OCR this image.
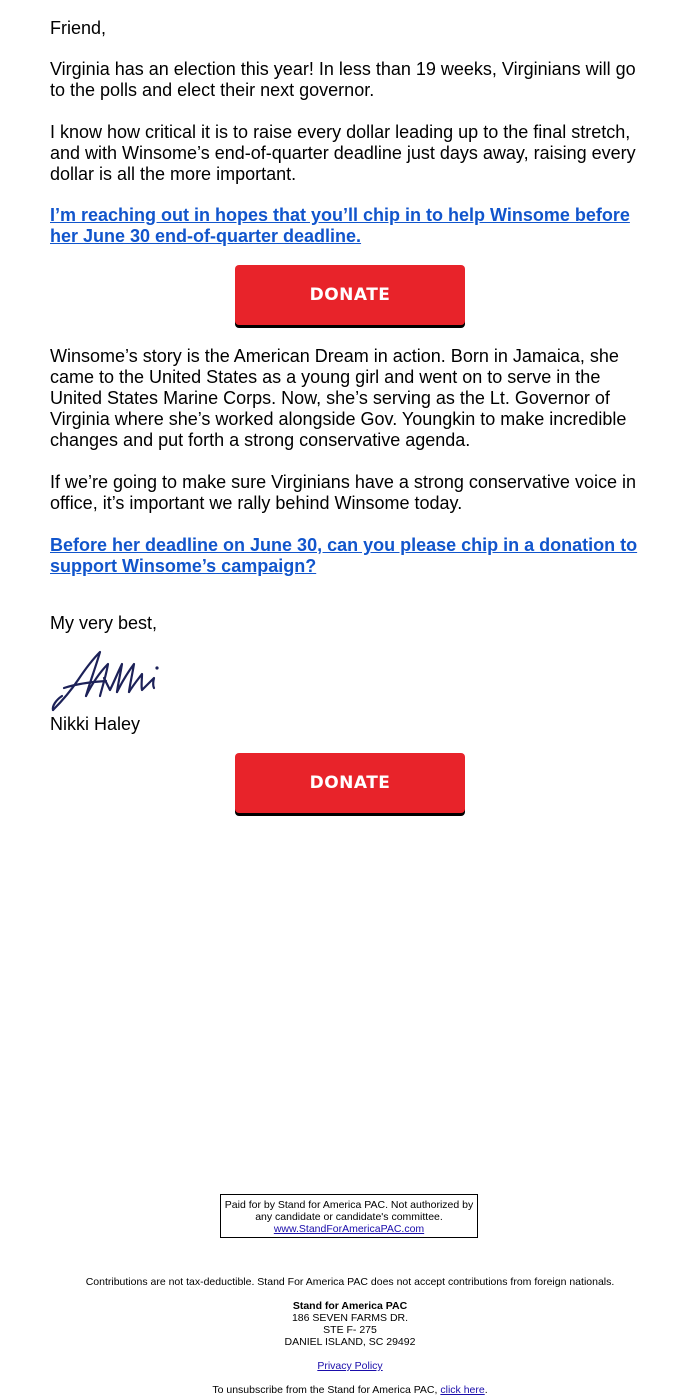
Friend,

Virginia has an election this year! In less than 19 weeks, Virginians will go to the polls and elect their next governor.

I know how critical it is to raise every dollar leading up to the final stretch, and with Winsome’s end-of-quarter deadline just days away, raising every dollar is all the more important.

I’m reaching out in hopes that you’ll chip in to help Winsome before her June 30 end-of-quarter deadline.

Winsome’s story is the American Dream in action. Born in Jamaica, she came to the United States as a young girl and went on to serve in the United States Marine Corps. Now, she’s serving as the Lt. Governor of Virginia where she’s worked alongside Gov. Youngkin to make incredible changes and put forth a strong conservative agenda.

If we’re going to make sure Virginians have a strong conservative voice in office, it’s important we rally behind Winsome today.

Before her deadline on June 30, can you please chip in a donation to support Winsome’s campaign?

My very best,

Nikki Haley

DONATE
DONATE
Paid for by Stand for America PAC. Not authorized by any candidate or candidate's committee.
www.StandForAmericaPAC.com
Contributions are not tax-deductible. Stand For America PAC does not accept contributions from foreign nationals.
Stand for America PAC
186 SEVEN FARMS DR.
STE F- 275
DANIEL ISLAND, SC 29492
Privacy Policy
To unsubscribe from the Stand for America PAC, click here.
